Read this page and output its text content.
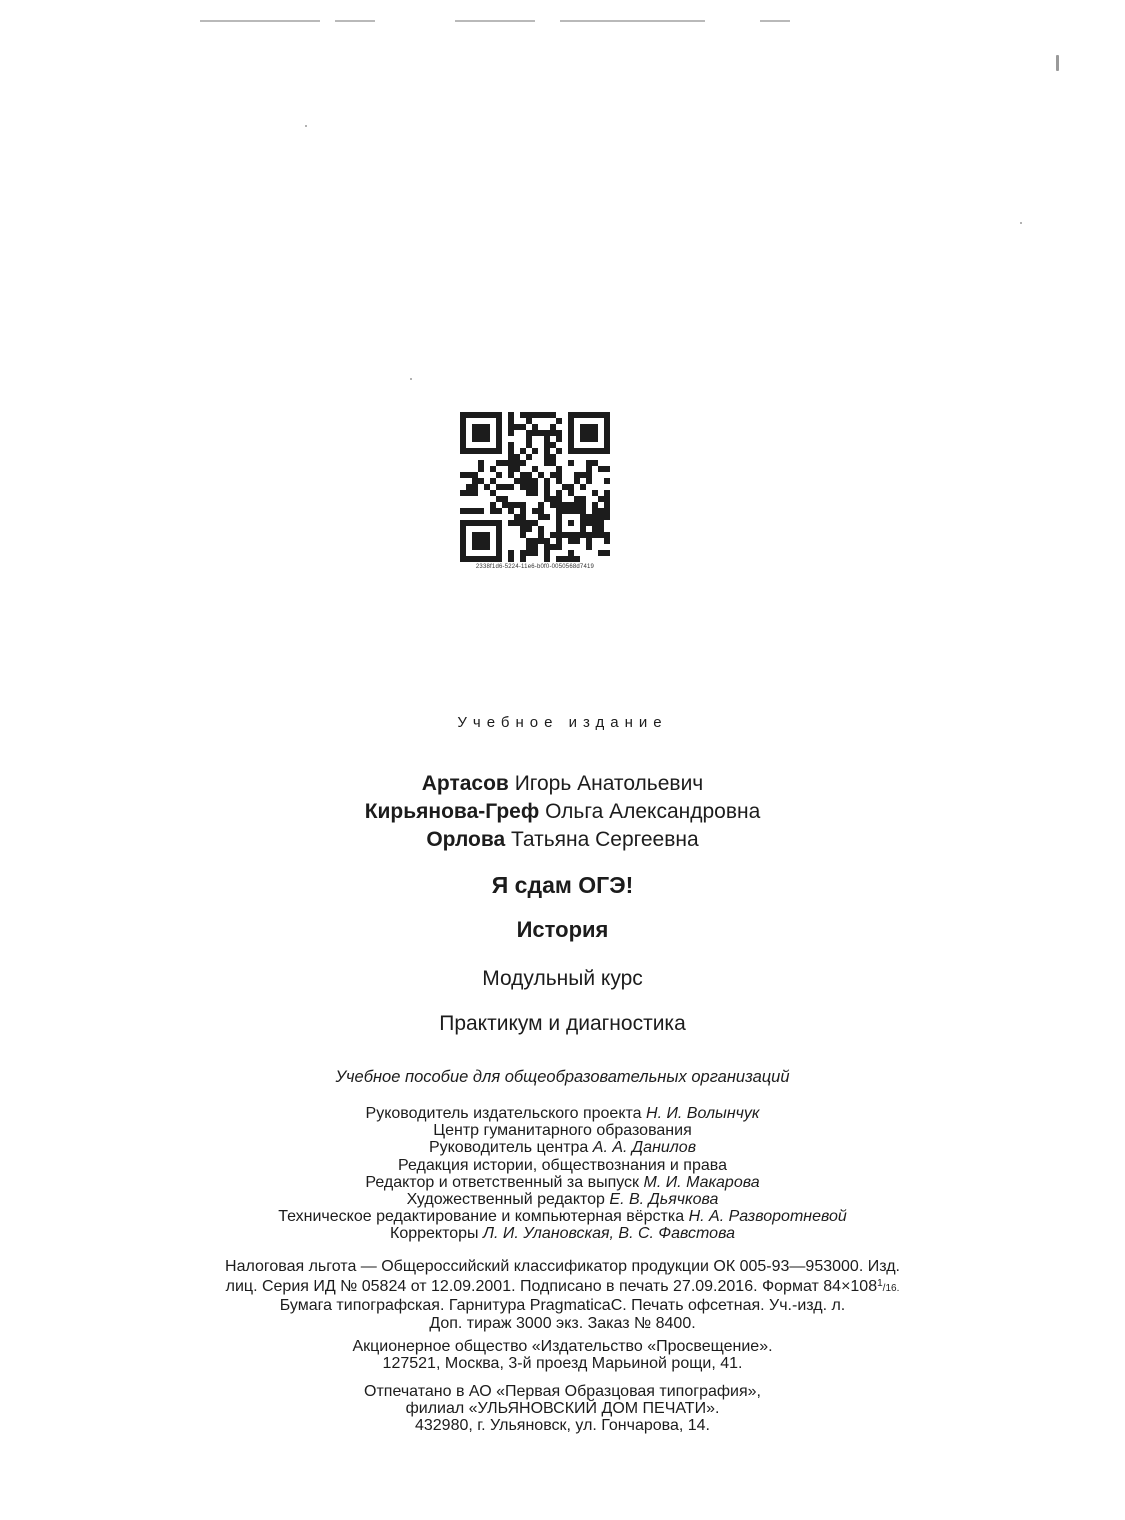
2338f1d6-5224-11e6-b0f0-0050568d7419
Учебное издание
Артасов Игорь Анатольевич
Кирьянова-Греф Ольга Александровна
Орлова Татьяна Сергеевна
Я сдам ОГЭ!
История
Модульный курс
Практикум и диагностика
Учебное пособие для общеобразовательных организаций
Руководитель издательского проекта Н. И. Волынчук
Центр гуманитарного образования
Руководитель центра А. А. Данилов
Редакция истории, обществознания и права
Редактор и ответственный за выпуск М. И. Макарова
Художественный редактор Е. В. Дьячкова
Техническое редактирование и компьютерная вёрстка Н. А. Разворотневой
Корректоры Л. И. Улановская, В. С. Фавстова
Налоговая льгота — Общероссийский классификатор продукции ОК 005-93—953000. Изд.
лиц. Серия ИД № 05824 от 12.09.2001. Подписано в печать 27.09.2016. Формат $84\times 108^1/16$.
Бумага типографская. Гарнитура PragmaticaC. Печать офсетная. Уч.-изд. л.
Доп. тираж 3000 экз. Заказ № 8400.
Акционерное общество «Издательство «Просвещение».
127521, Москва, 3-й проезд Марьиной рощи, 41.
Отпечатано в АО «Первая Образцовая типография»,
филиал «УЛЬЯНОВСКИЙ ДОМ ПЕЧАТИ».
432980, г. Ульяновск, ул. Гончарова, 14.
